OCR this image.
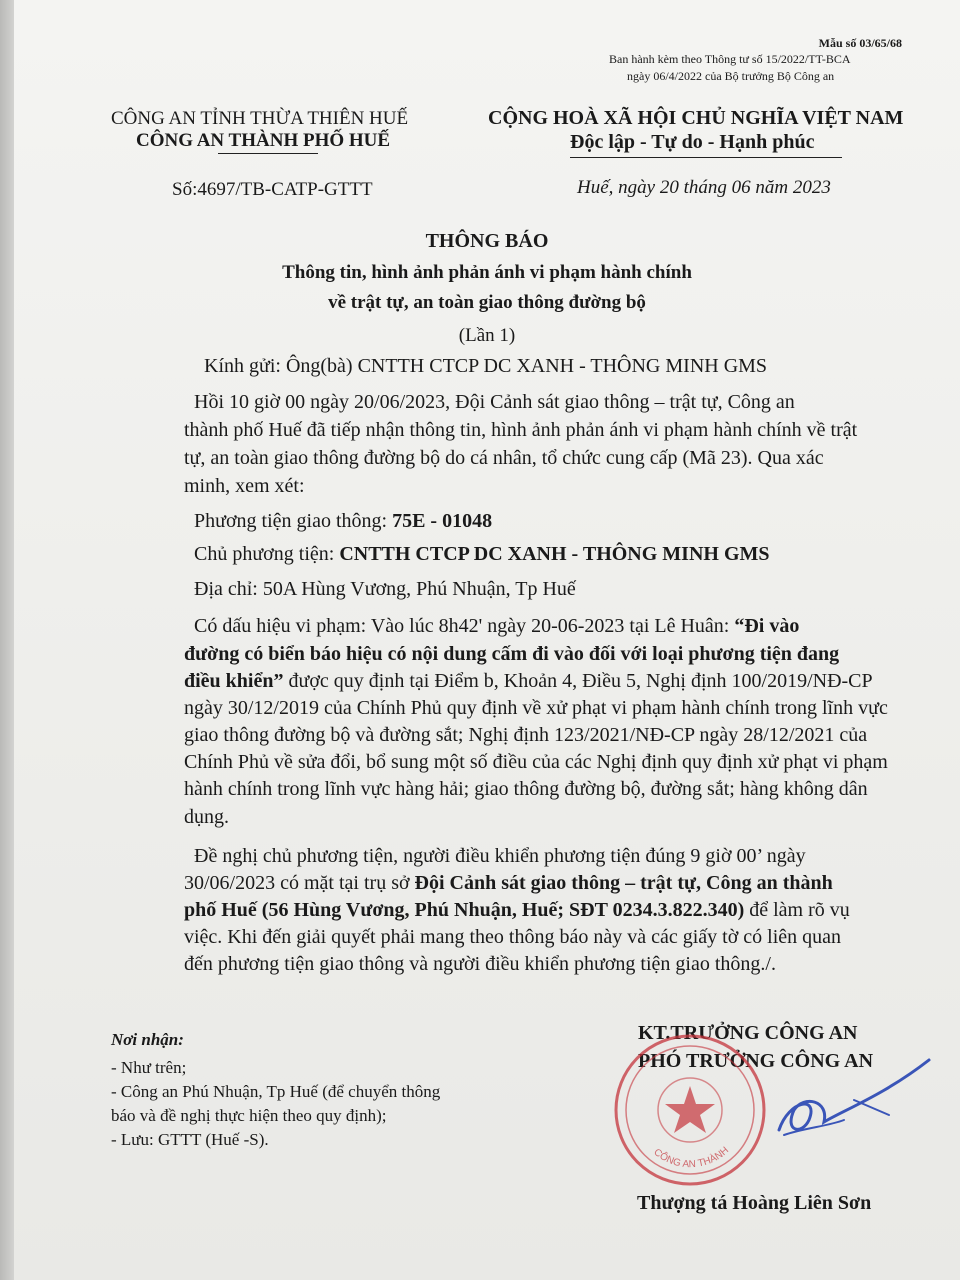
Mẫu số 03/65/68
Ban hành kèm theo Thông tư số 15/2022/TT-BCA
ngày 06/4/2022 của Bộ trưởng Bộ Công an
CÔNG AN TỈNH THỪA THIÊN HUẾ
CÔNG AN THÀNH PHỐ HUẾ
CỘNG HOÀ XÃ HỘI CHỦ NGHĨA VIỆT NAM
Độc lập - Tự do - Hạnh phúc
Số:4697/TB-CATP-GTTT	Huế, ngày 20 tháng 06 năm 2023
THÔNG BÁO
Thông tin, hình ảnh phản ánh vi phạm hành chính
về trật tự, an toàn giao thông đường bộ
(Lần 1)
Kính gửi: Ông(bà) CNTTH CTCP DC XANH - THÔNG MINH GMS
Hồi 10 giờ 00 ngày 20/06/2023, Đội Cảnh sát giao thông – trật tự, Công an
thành phố Huế đã tiếp nhận thông tin, hình ảnh phản ánh vi phạm hành chính về trật
tự, an toàn giao thông đường bộ do cá nhân, tổ chức cung cấp (Mã 23). Qua xác
minh, xem xét:
Phương tiện giao thông: 75E - 01048
Chủ phương tiện: CNTTH CTCP DC XANH - THÔNG MINH GMS
Địa chỉ: 50A Hùng Vương, Phú Nhuận, Tp Huế
Có dấu hiệu vi phạm: Vào lúc 8h42' ngày 20-06-2023 tại Lê Huân: “Đi vào
đường có biển báo hiệu có nội dung cấm đi vào đối với loại phương tiện đang
điều khiển” được quy định tại Điểm b, Khoản 4, Điều 5, Nghị định 100/2019/NĐ-CP
ngày 30/12/2019 của Chính Phủ quy định về xử phạt vi phạm hành chính trong lĩnh vực
giao thông đường bộ và đường sắt; Nghị định 123/2021/NĐ-CP ngày 28/12/2021 của
Chính Phủ về sửa đổi, bổ sung một số điều của các Nghị định quy định xử phạt vi phạm
hành chính trong lĩnh vực hàng hải; giao thông đường bộ, đường sắt; hàng không dân
dụng.
Đề nghị chủ phương tiện, người điều khiển phương tiện đúng 9 giờ 00’ ngày
30/06/2023 có mặt tại trụ sở Đội Cảnh sát giao thông – trật tự, Công an thành
phố Huế (56 Hùng Vương, Phú Nhuận, Huế; SĐT 0234.3.822.340) để làm rõ vụ
việc. Khi đến giải quyết phải mang theo thông báo này và các giấy tờ có liên quan
đến phương tiện giao thông và người điều khiển phương tiện giao thông./.
Nơi nhận:
- Như trên;
- Công an Phú Nhuận, Tp Huế (để chuyển thông
báo và đề nghị thực hiện theo quy định);
- Lưu: GTTT (Huế -S).
KT.TRƯỞNG CÔNG AN
PHÓ TRƯỞNG CÔNG AN
CÔNG AN THÀNH
Thượng tá Hoàng Liên Sơn
